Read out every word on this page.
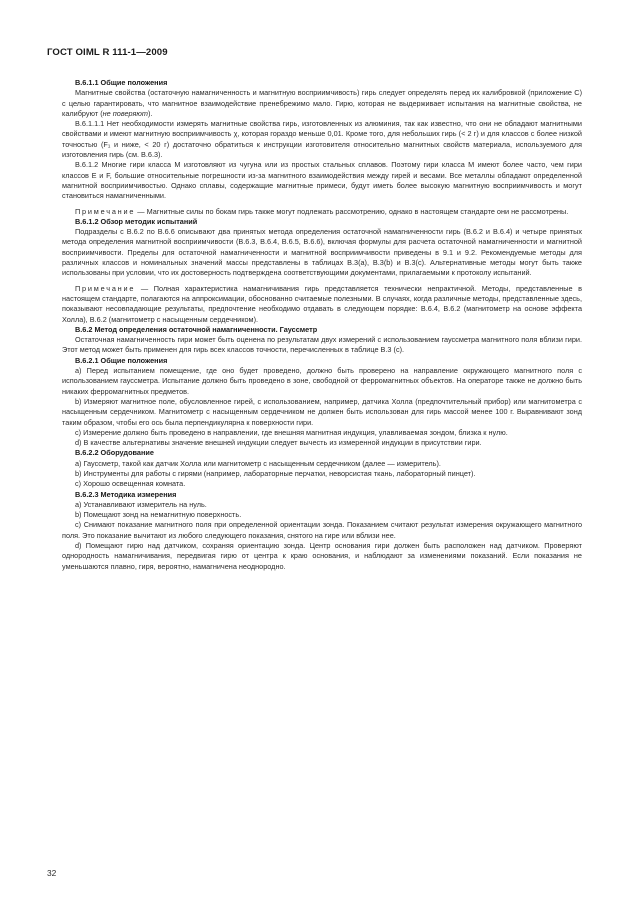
ГОСТ OIML R 111-1—2009

B.6.1.1 Общие положения

Магнитные свойства (остаточную намагниченность и магнитную восприимчивость) гирь следует определять перед их калибровкой (приложение С) с целью гарантировать, что магнитное взаимодействие пренебрежимо мало. Гирю, которая не выдерживает испытания на магнитные свойства, не калибруют (не поверяют).

B.6.1.1.1 Нет необходимости измерять магнитные свойства гирь, изготовленных из алюминия, так как известно, что они не обладают магнитными свойствами и имеют магнитную восприимчивость χ, которая гораздо меньше 0,01. Кроме того, для небольших гирь (< 2 г) и для классов с более низкой точностью (F₁ и ниже, < 20 г) достаточно обратиться к инструкции изготовителя относительно магнитных свойств материала, используемого для изготовления гирь (см. В.6.3).

B.6.1.2 Многие гири класса М изготовляют из чугуна или из простых стальных сплавов. Поэтому гири класса М имеют более часто, чем гири классов Е и F, большие относительные погрешности из-за магнитного взаимодействия между гирей и весами. Все металлы обладают определенной магнитной восприимчивостью. Однако сплавы, содержащие магнитные примеси, будут иметь более высокую магнитную восприимчивость и могут становиться намагниченными.

Примечание — Магнитные силы по бокам гирь также могут подлежать рассмотрению, однако в настоящем стандарте они не рассмотрены.

B.6.1.2 Обзор методик испытаний

Подразделы с В.6.2 по В.6.6 описывают два принятых метода определения остаточной намагниченности гирь (В.6.2 и В.6.4) и четыре принятых метода определения магнитной восприимчивости (В.6.3, В.6.4, В.6.5, В.6.6), включая формулы для расчета остаточной намагниченности и магнитной восприимчивости. Пределы для остаточной намагниченности и магнитной восприимчивости приведены в 9.1 и 9.2. Рекомендуемые методы для различных классов и номинальных значений массы представлены в таблицах В.3(а), В.3(b) и В.3(с). Альтернативные методы могут быть также использованы при условии, что их достоверность подтверждена соответствующими документами, прилагаемыми к протоколу испытаний.

Примечание — Полная характеристика намагничивания гирь представляется технически непрактичной. Методы, представленные в настоящем стандарте, полагаются на аппроксимации, обоснованно считаемые полезными. В случаях, когда различные методы, представленные здесь, показывают несовпадающие результаты, предпочтение необходимо отдавать в следующем порядке: В.6.4, В.6.2 (магнитометр на основе эффекта Холла), В.6.2 (магнитометр с насыщенным сердечником).

B.6.2 Метод определения остаточной намагниченности. Гауссметр

Остаточная намагниченность гири может быть оценена по результатам двух измерений с использованием гауссметра магнитного поля вблизи гири. Этот метод может быть применен для гирь всех классов точности, перечисленных в таблице В.3 (с).

B.6.2.1 Общие положения

а) Перед испытанием помещение, где оно будет проведено, должно быть проверено на направление окружающего магнитного поля с использованием гауссметра. Испытание должно быть проведено в зоне, свободной от ферромагнитных объектов. На операторе также не должно быть никаких ферромагнитных предметов.

b) Измеряют магнитное поле, обусловленное гирей, с использованием, например, датчика Холла (предпочтительный прибор) или магнитометра с насыщенным сердечником. Магнитометр с насыщенным сердечником не должен быть использован для гирь массой менее 100 г. Выравнивают зонд таким образом, чтобы его ось была перпендикулярна к поверхности гири.

с) Измерение должно быть проведено в направлении, где внешняя магнитная индукция, улавливаемая зондом, близка к нулю.

d) В качестве альтернативы значение внешней индукции следует вычесть из измеренной индукции в присутствии гири.

B.6.2.2 Оборудование

а) Гауссметр, такой как датчик Холла или магнитометр с насыщенным сердечником (далее — измеритель).

b) Инструменты для работы с гирями (например, лабораторные перчатки, неворсистая ткань, лабораторный пинцет).

с) Хорошо освещенная комната.

B.6.2.3 Методика измерения

а) Устанавливают измеритель на нуль.

b) Помещают зонд на немагнитную поверхность.

с) Снимают показание магнитного поля при определенной ориентации зонда. Показанием считают результат измерения окружающего магнитного поля. Это показание вычитают из любого следующего показания, снятого на гире или вблизи нее.

d) Помещают гирю над датчиком, сохраняя ориентацию зонда. Центр основания гири должен быть расположен над датчиком. Проверяют однородность намагничивания, передвигая гирю от центра к краю основания, и наблюдают за изменениями показаний. Если показания не уменьшаются плавно, гиря, вероятно, намагничена неоднородно.

32
